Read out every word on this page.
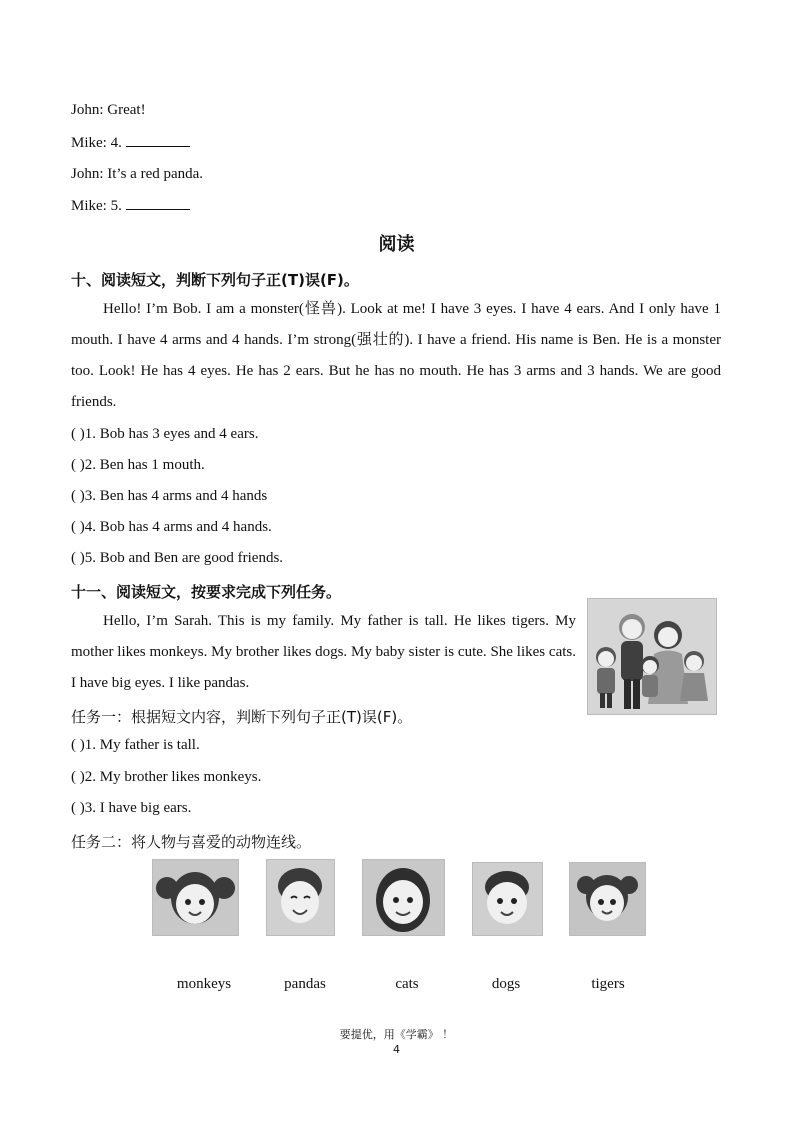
John: Great!
Mike: 4.
John: It’s a red panda.
Mike: 5.
阅读
十、阅读短文，判断下列句子正(T)误(F)。

Hello! I’m Bob. I am a monster(怪兽). Look at me! I have 3 eyes. I have 4 ears. And I only have 1 mouth. I have 4 arms and 4 hands. I’m strong(强壮的). I have a friend. His name is Ben. He is a monster too. Look! He has 4 eyes. He has 2 ears. But he has no mouth. He has 3 arms and 3 hands. We are good friends.

( )1. Bob has 3 eyes and 4 ears.
( )2. Ben has 1 mouth.
( )3. Ben has 4 arms and 4 hands
( )4. Bob has 4 arms and 4 hands.
( )5. Bob and Ben are good friends.
十一、阅读短文，按要求完成下列任务。

Hello, I’m Sarah. This is my family. My father is tall. He likes tigers. My mother likes monkeys. My brother likes dogs. My baby sister is cute. She likes cats. I have big eyes. I like pandas.

任务一：根据短文内容，判断下列句子正(T)误(F)。
( )1. My father is tall.
( )2. My brother likes monkeys.
( )3. I have big ears.
任务二：将人物与喜爱的动物连线。
monkeys	pandas	cats	dogs	tigers
要提优，用《学霸》 ！
4
